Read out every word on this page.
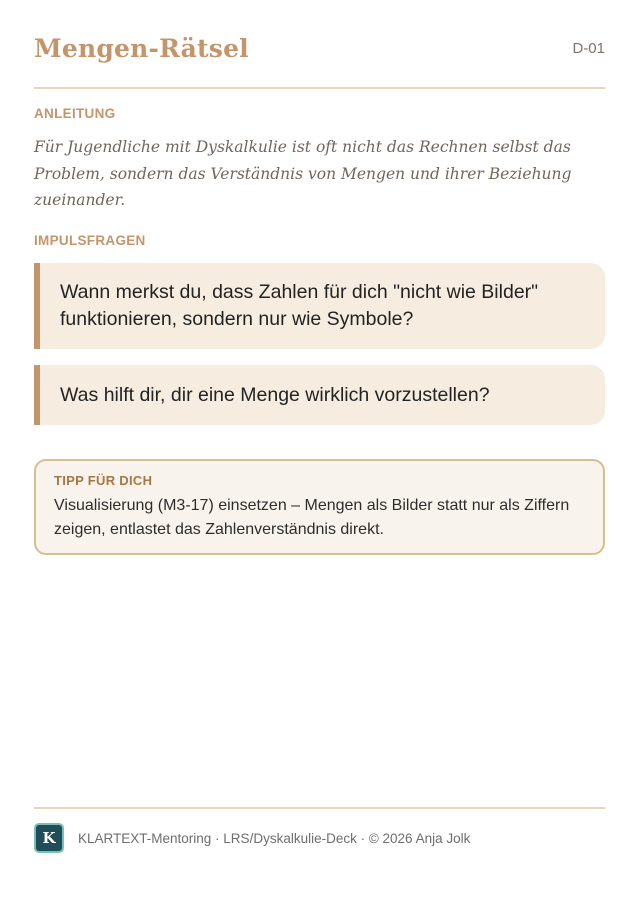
Mengen-Rätsel	D-01
ANLEITUNG
Für Jugendliche mit Dyskalkulie ist oft nicht das Rechnen selbst das Problem, sondern das Verständnis von Mengen und ihrer Beziehung zueinander.
IMPULSFRAGEN
Wann merkst du, dass Zahlen für dich "nicht wie Bilder" funktionieren, sondern nur wie Symbole?
Was hilft dir, dir eine Menge wirklich vorzustellen?
TIPP FÜR DICH
Visualisierung (M3-17) einsetzen – Mengen als Bilder statt nur als Ziffern zeigen, entlastet das Zahlenverständnis direkt.
K KLARTEXT-Mentoring · LRS/Dyskalkulie-Deck · © 2026 Anja Jolk
